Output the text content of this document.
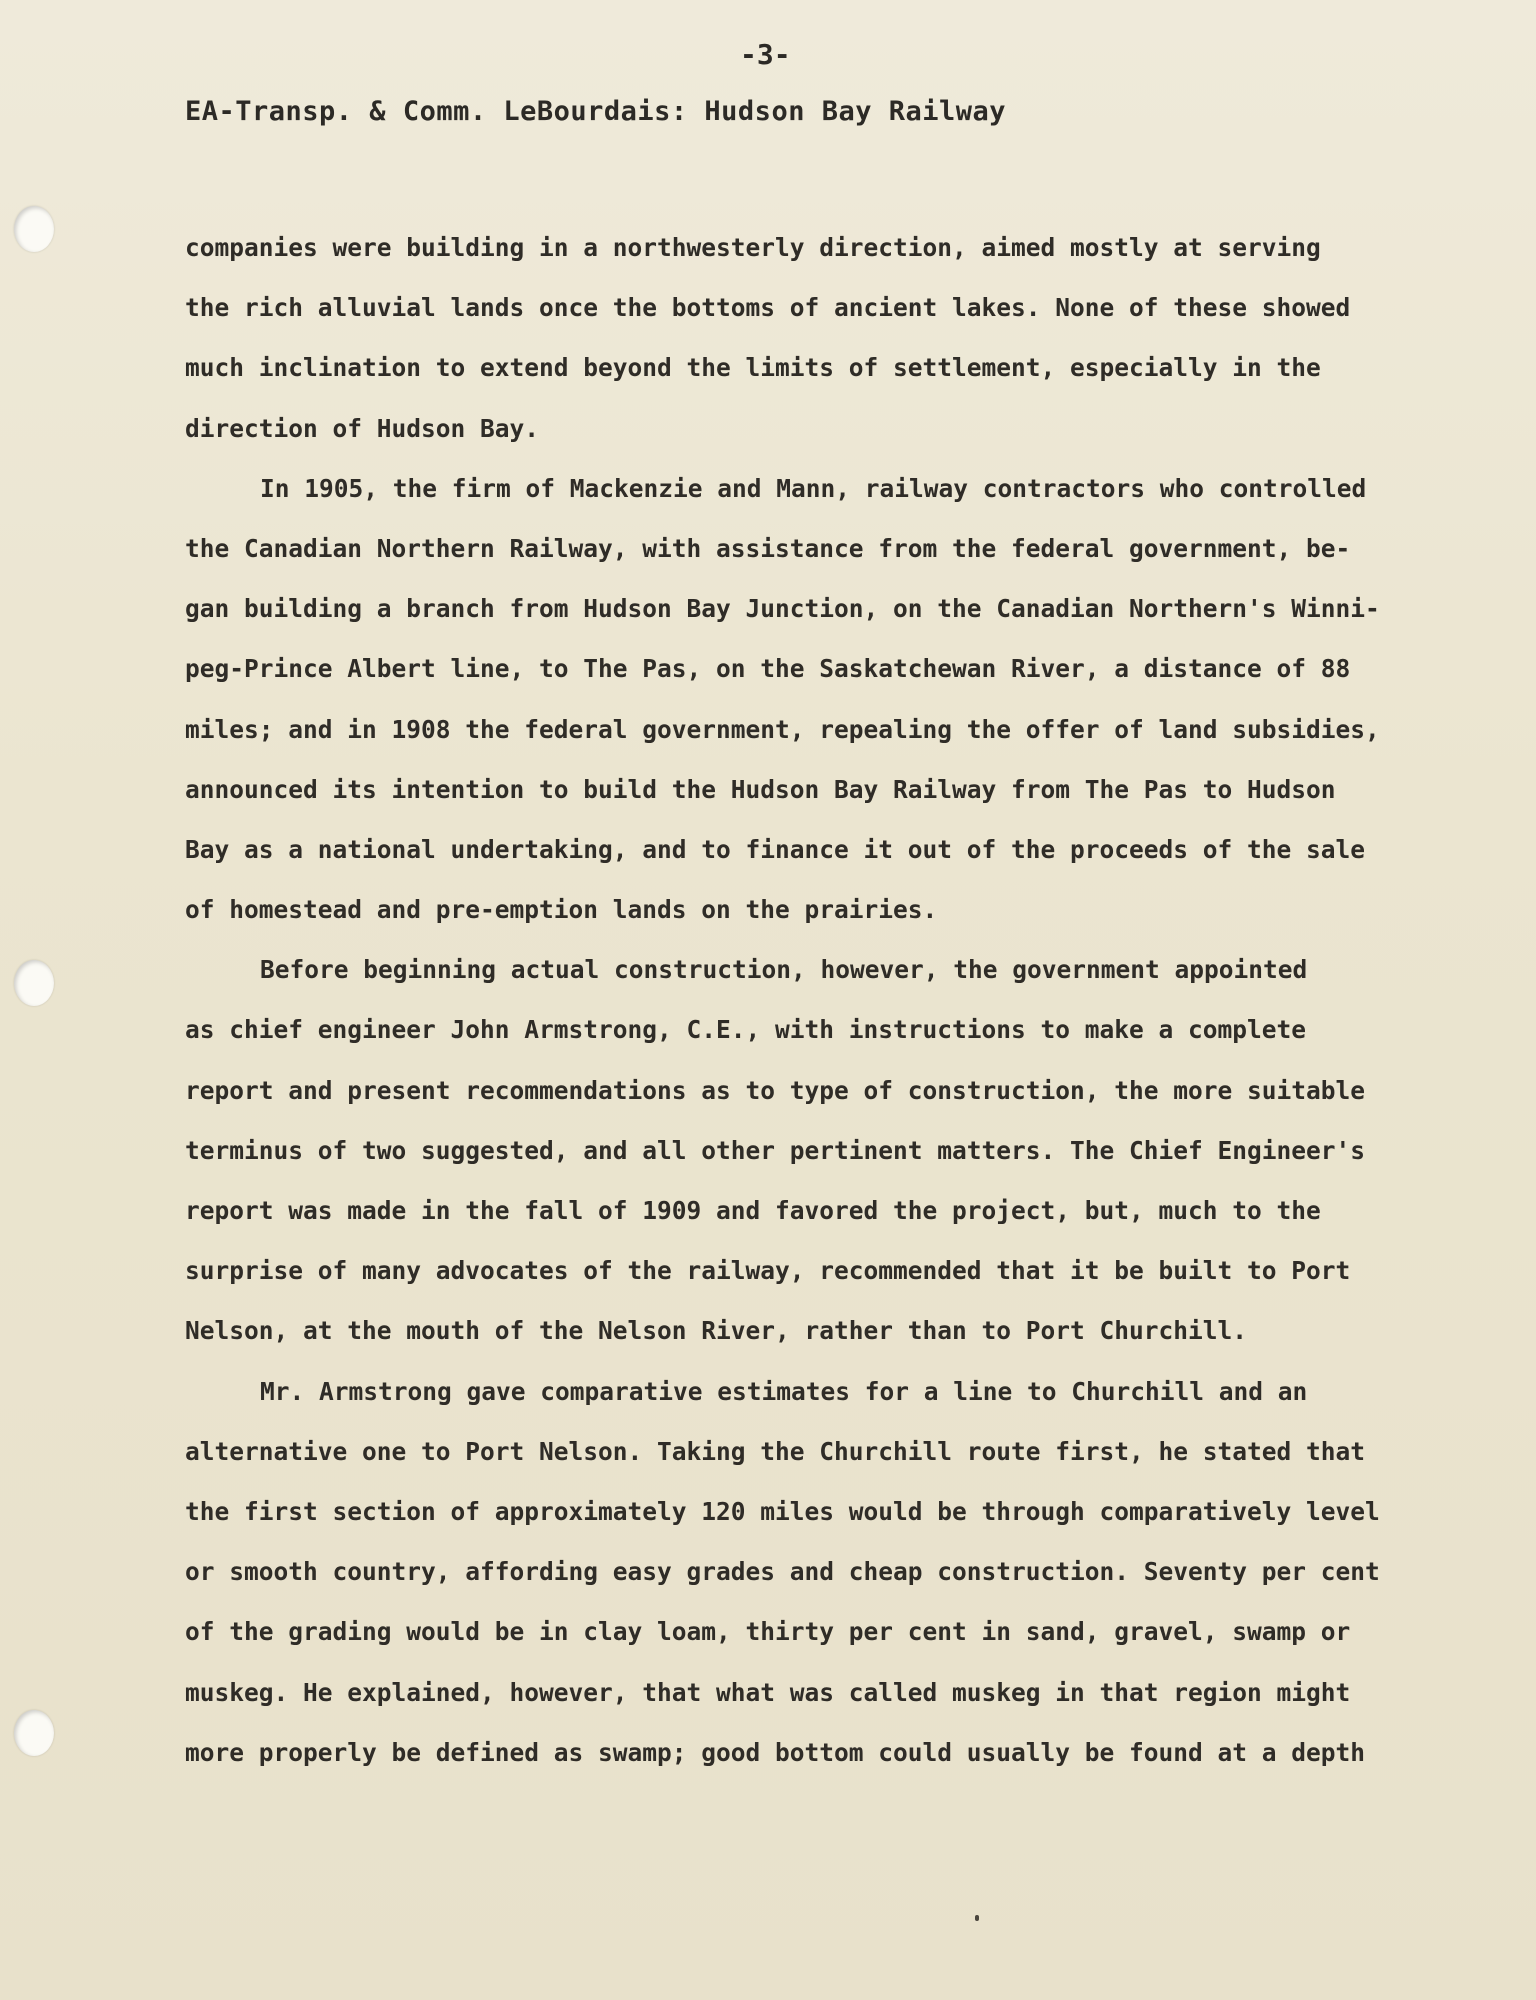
-3-
EA-Transp. & Comm. LeBourdais: Hudson Bay Railway
companies were building in a northwesterly direction, aimed mostly at serving
the rich alluvial lands once the bottoms of ancient lakes. None of these showed
much inclination to extend beyond the limits of settlement, especially in the
direction of Hudson Bay.
In 1905, the firm of Mackenzie and Mann, railway contractors who controlled
the Canadian Northern Railway, with assistance from the federal government, be-
gan building a branch from Hudson Bay Junction, on the Canadian Northern's Winni-
peg-Prince Albert line, to The Pas, on the Saskatchewan River, a distance of 88
miles; and in 1908 the federal government, repealing the offer of land subsidies,
announced its intention to build the Hudson Bay Railway from The Pas to Hudson
Bay as a national undertaking, and to finance it out of the proceeds of the sale
of homestead and pre-emption lands on the prairies.
Before beginning actual construction, however, the government appointed
as chief engineer John Armstrong, C.E., with instructions to make a complete
report and present recommendations as to type of construction, the more suitable
terminus of two suggested, and all other pertinent matters. The Chief Engineer's
report was made in the fall of 1909 and favored the project, but, much to the
surprise of many advocates of the railway, recommended that it be built to Port
Nelson, at the mouth of the Nelson River, rather than to Port Churchill.
Mr. Armstrong gave comparative estimates for a line to Churchill and an
alternative one to Port Nelson. Taking the Churchill route first, he stated that
the first section of approximately 120 miles would be through comparatively level
or smooth country, affording easy grades and cheap construction. Seventy per cent
of the grading would be in clay loam, thirty per cent in sand, gravel, swamp or
muskeg. He explained, however, that what was called muskeg in that region might
more properly be defined as swamp; good bottom could usually be found at a depth
